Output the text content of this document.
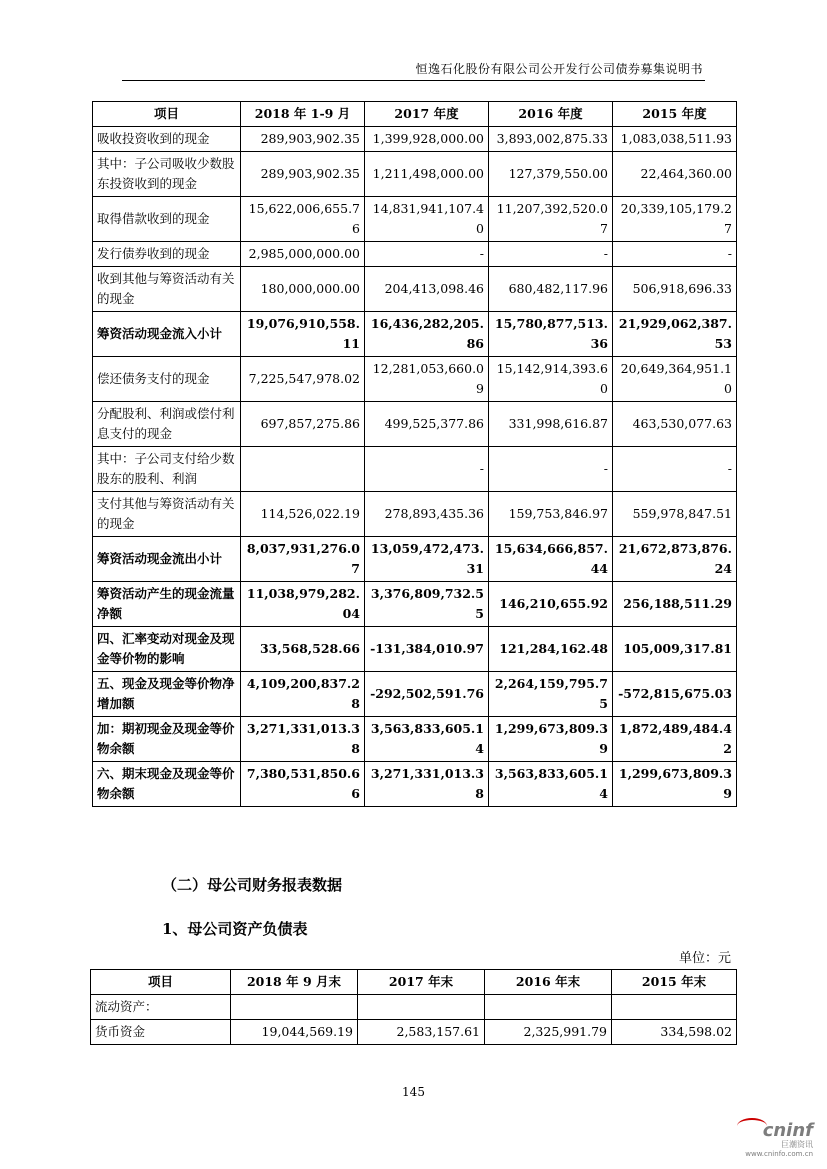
恒逸石化股份有限公司公开发行公司债券募集说明书
项目	2018 年 1-9 月	2017 年度	2016 年度	2015 年度
吸收投资收到的现金	289,903,902.35	1,399,928,000.00	3,893,002,875.33	1,083,038,511.93
其中：子公司吸收少数股东投资收到的现金	289,903,902.35	1,211,498,000.00	127,379,550.00	22,464,360.00
取得借款收到的现金	15,622,006,655.76	14,831,941,107.40	11,207,392,520.07	20,339,105,179.27
发行债券收到的现金	2,985,000,000.00	-	-	-
收到其他与筹资活动有关的现金	180,000,000.00	204,413,098.46	680,482,117.96	506,918,696.33
筹资活动现金流入小计	19,076,910,558.11	16,436,282,205.86	15,780,877,513.36	21,929,062,387.53
偿还债务支付的现金	7,225,547,978.02	12,281,053,660.09	15,142,914,393.60	20,649,364,951.10
分配股利、利润或偿付利息支付的现金	697,857,275.86	499,525,377.86	331,998,616.87	463,530,077.63
其中：子公司支付给少数股东的股利、利润		-	-	-
支付其他与筹资活动有关的现金	114,526,022.19	278,893,435.36	159,753,846.97	559,978,847.51
筹资活动现金流出小计	8,037,931,276.07	13,059,472,473.31	15,634,666,857.44	21,672,873,876.24
筹资活动产生的现金流量净额	11,038,979,282.04	3,376,809,732.55	146,210,655.92	256,188,511.29
四、汇率变动对现金及现金等价物的影响	33,568,528.66	-131,384,010.97	121,284,162.48	105,009,317.81
五、现金及现金等价物净增加额	4,109,200,837.28	-292,502,591.76	2,264,159,795.75	-572,815,675.03
加：期初现金及现金等价物余额	3,271,331,013.38	3,563,833,605.14	1,299,673,809.39	1,872,489,484.42
六、期末现金及现金等价物余额	7,380,531,850.66	3,271,331,013.38	3,563,833,605.14	1,299,673,809.39
（二）母公司财务报表数据
1、母公司资产负债表
单位：元
项目	2018 年 9 月末	2017 年末	2016 年末	2015 年末
流动资产：				
货币资金	19,044,569.19	2,583,157.61	2,325,991.79	334,598.02
145
cninf
巨潮资讯
www.cninfo.com.cn
